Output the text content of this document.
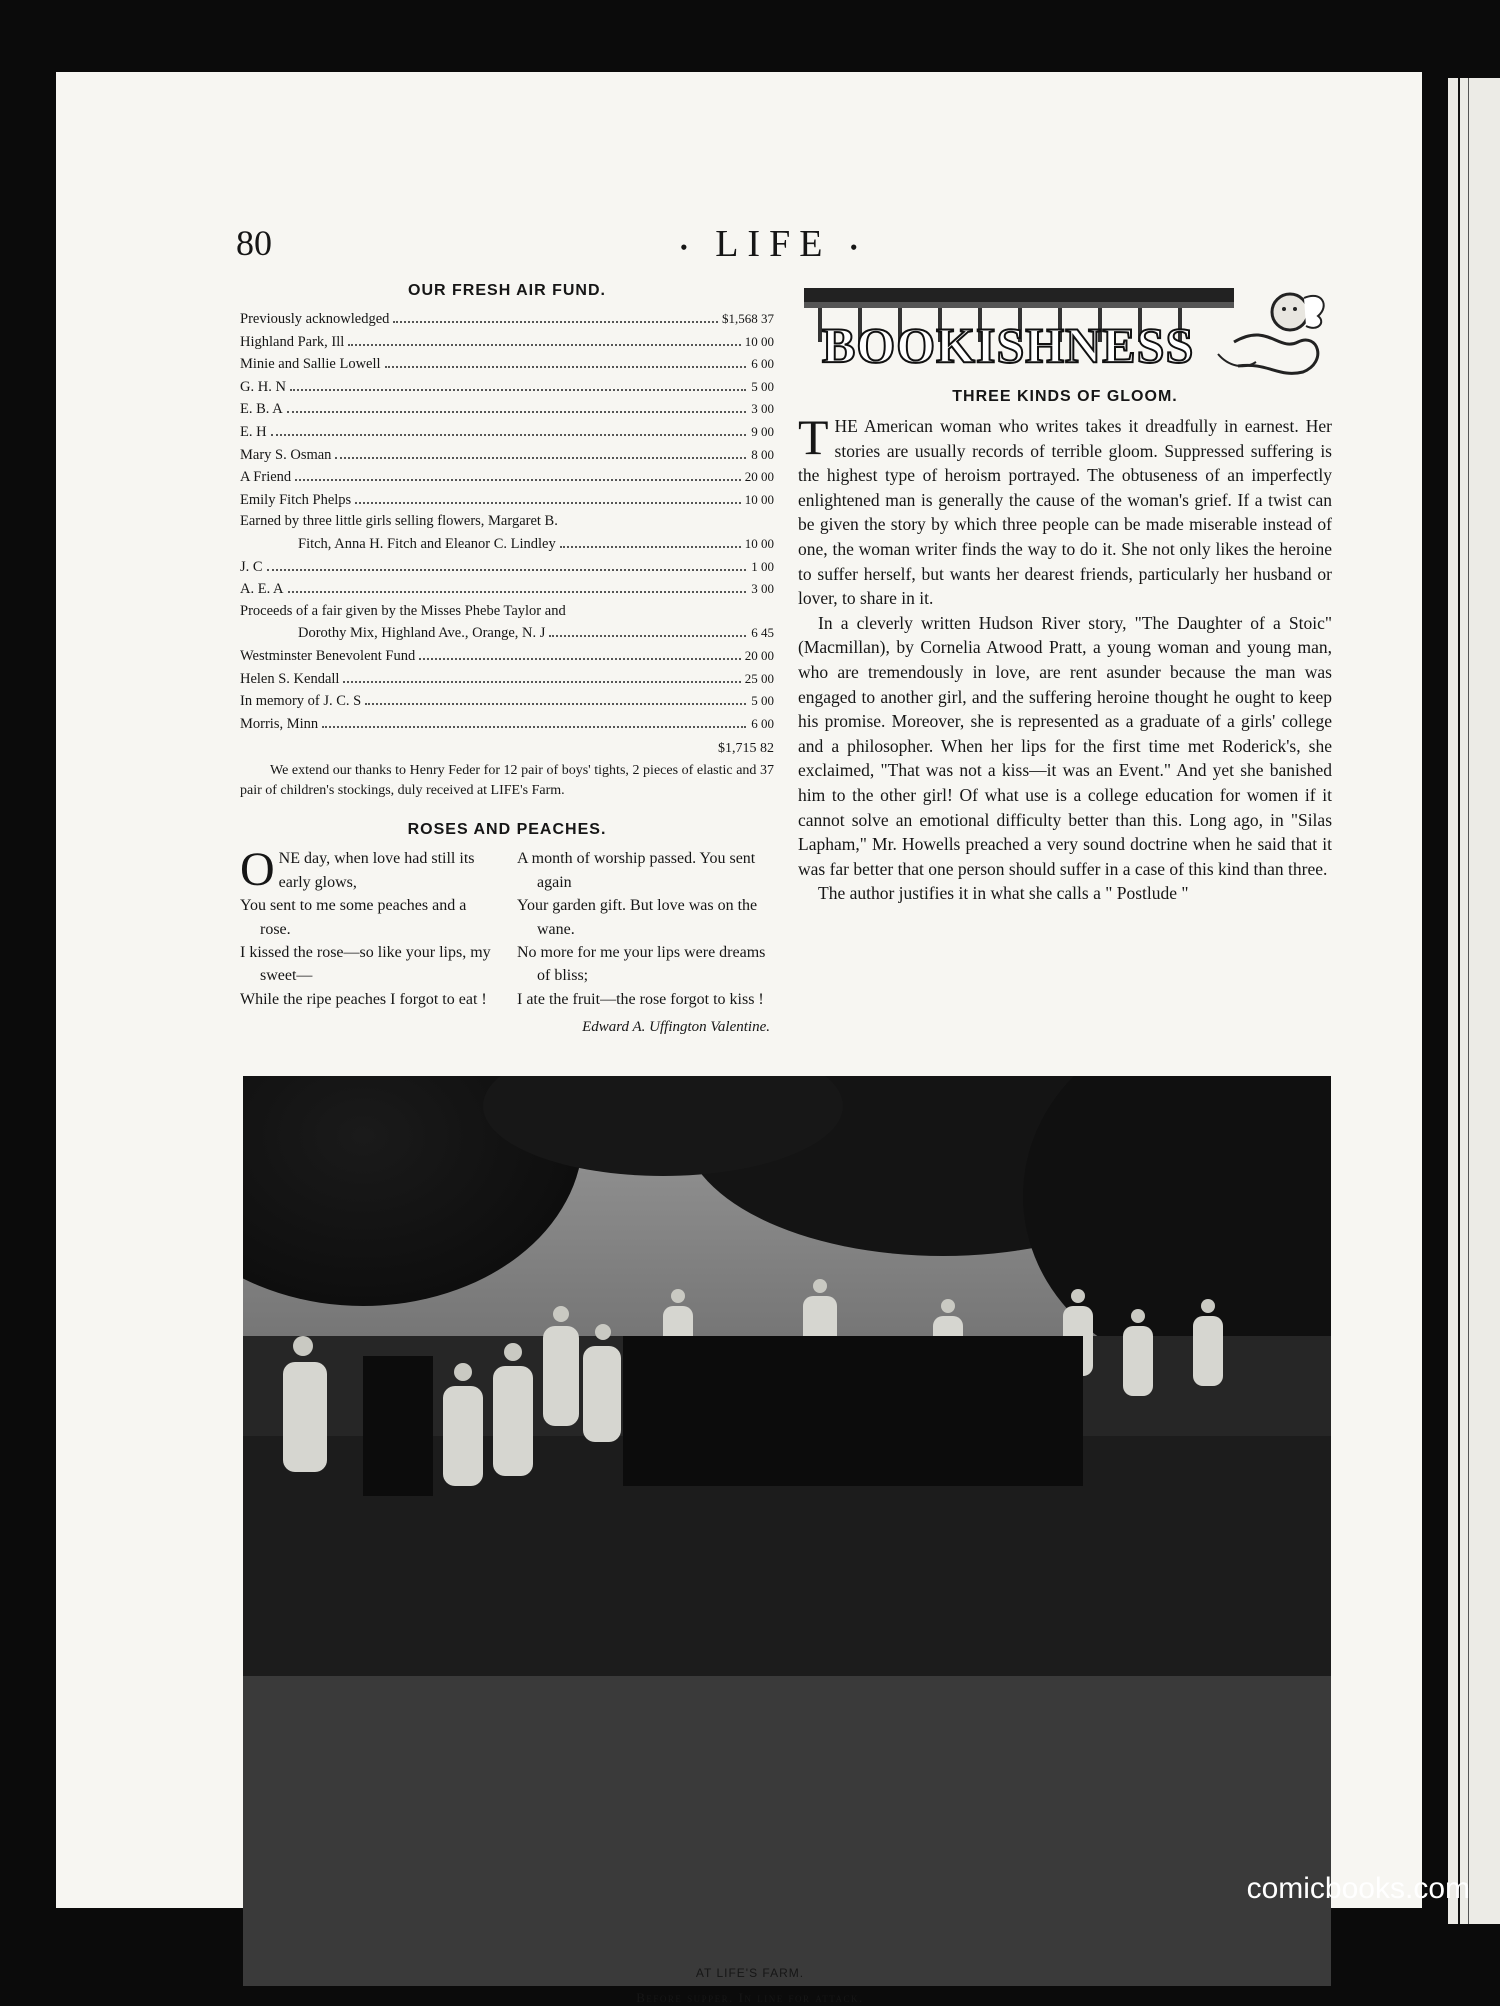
80	• LIFE •
OUR FRESH AIR FUND.
Previously acknowledged	$1,568 37
Highland Park, Ill	10 00
Minie and Sallie Lowell	6 00
G. H. N	5 00
E. B. A	3 00
E. H	9 00
Mary S. Osman	8 00
A Friend	20 00
Emily Fitch Phelps	10 00
Earned by three little girls selling flowers, Margaret B.
Fitch, Anna H. Fitch and Eleanor C. Lindley	10 00
J. C	1 00
A. E. A	3 00
Proceeds of a fair given by the Misses Phebe Taylor and
Dorothy Mix, Highland Ave., Orange, N. J	6 45
Westminster Benevolent Fund	20 00
Helen S. Kendall	25 00
In memory of J. C. S	5 00
Morris, Minn	6 00
$1,715 82
We extend our thanks to Henry Feder for 12 pair of boys' tights, 2 pieces of elastic and 37 pair of children's stockings, duly received at LIFE's Farm.
ROSES AND PEACHES.

ONE day, when love had still its early glows,

You sent to me some peaches and a rose.

I kissed the rose—so like your lips, my sweet—

While the ripe peaches I forgot to eat !

A month of worship passed. You sent again

Your garden gift. But love was on the wane.

No more for me your lips were dreams of bliss;

I ate the fruit—the rose forgot to kiss !

Edward A. Uffington Valentine.
BOOKISHNESS
THREE KINDS OF GLOOM.

THE American woman who writes takes it dreadfully in earnest. Her stories are usually records of terrible gloom. Suppressed suffering is the highest type of heroism portrayed. The obtuseness of an imperfectly enlightened man is generally the cause of the woman's grief. If a twist can be given the story by which three people can be made miserable instead of one, the woman writer finds the way to do it. She not only likes the heroine to suffer herself, but wants her dearest friends, particularly her husband or lover, to share in it.

In a cleverly written Hudson River story, "The Daughter of a Stoic" (Macmillan), by Cornelia Atwood Pratt, a young woman and young man, who are tremendously in love, are rent asunder because the man was engaged to another girl, and the suffering heroine thought he ought to keep his promise. Moreover, she is represented as a graduate of a girls' college and a philosopher. When her lips for the first time met Roderick's, she exclaimed, "That was not a kiss—it was an Event." And yet she banished him to the other girl! Of what use is a college education for women if it cannot solve an emotional difficulty better than this. Long ago, in "Silas Lapham," Mr. Howells preached a very sound doctrine when he said that it was far better that one person should suffer in a case of this kind than three.

The author justifies it in what she calls a " Postlude "

AT LIFE'S FARM.
Before supper. In line for attack.
comicbooks.com
